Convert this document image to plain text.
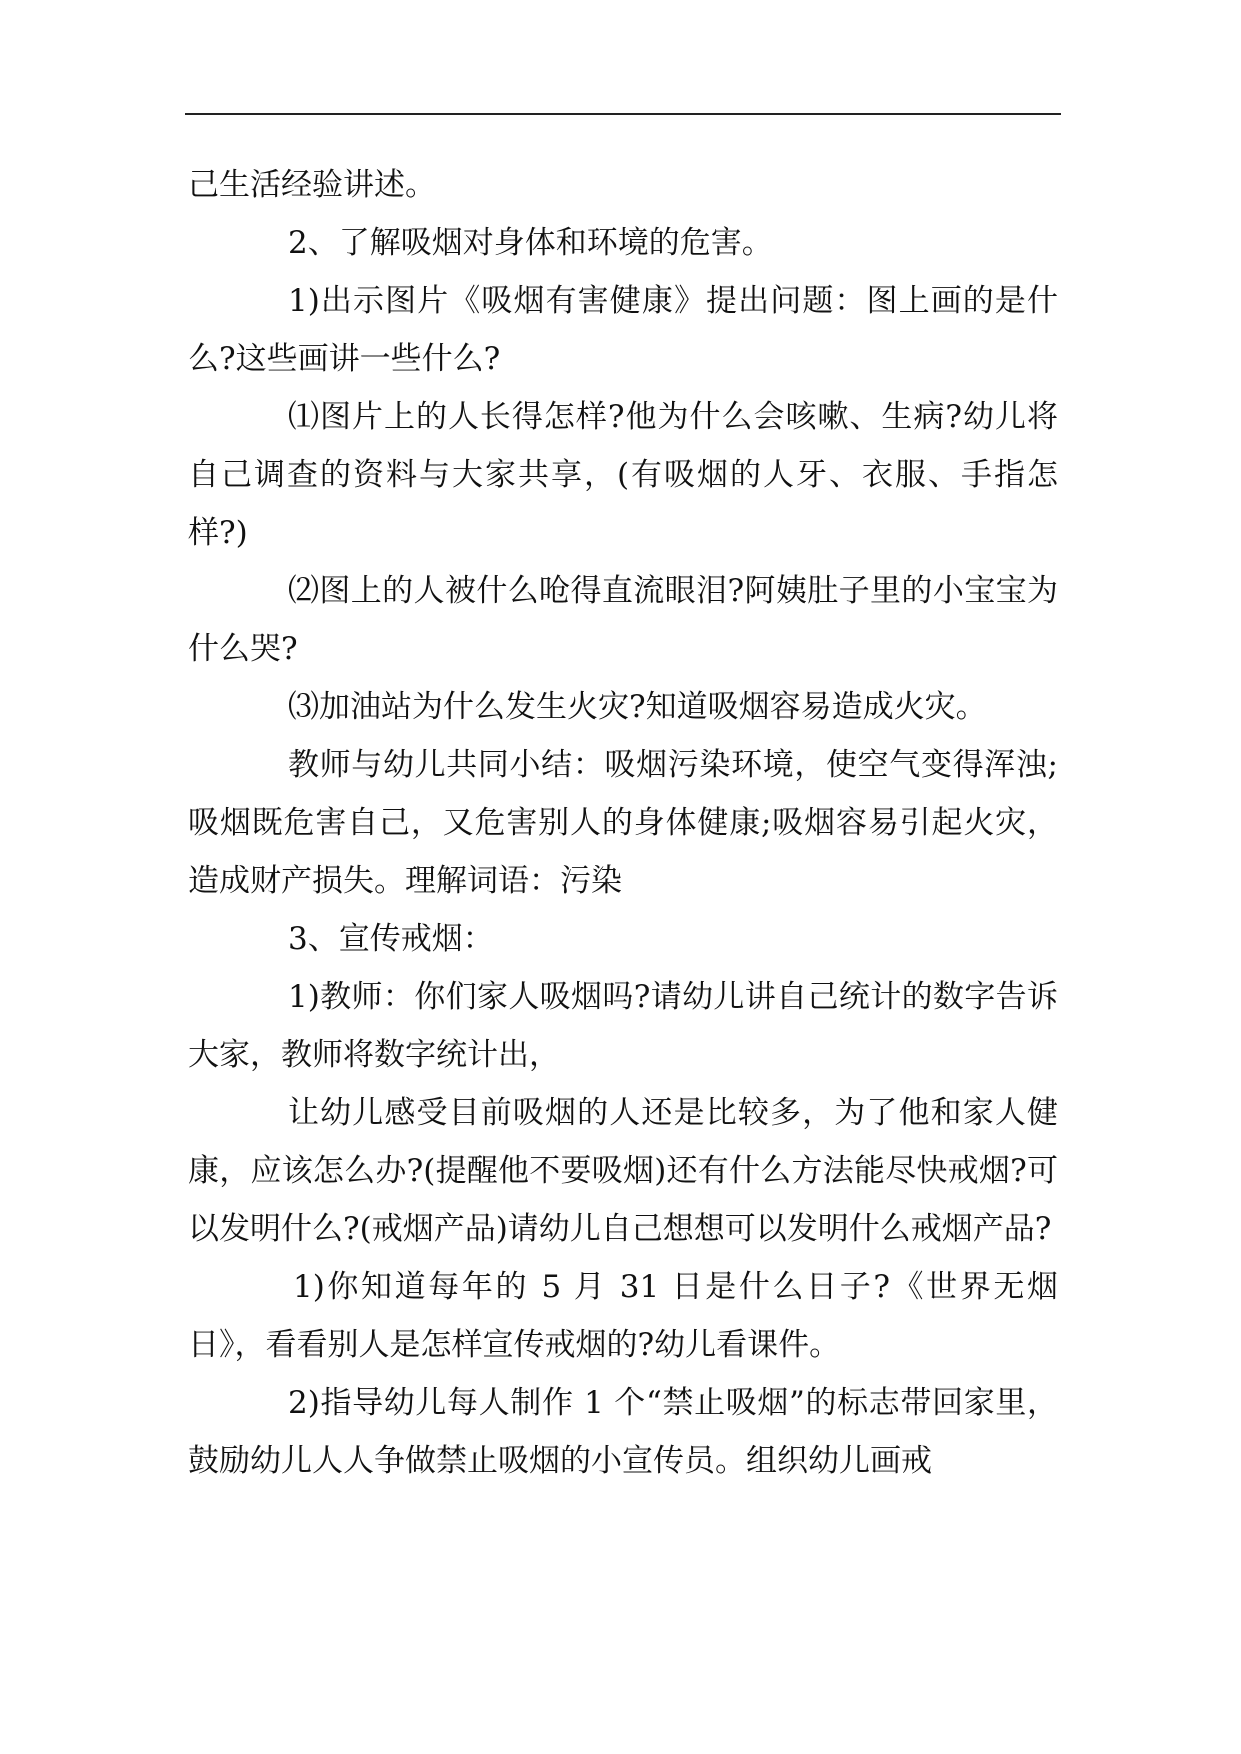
己生活经验讲述。

2、了解吸烟对身体和环境的危害。

1)出示图片《吸烟有害健康》提出问题：图上画的是什么?这些画讲一些什么?

⑴图片上的人长得怎样?他为什么会咳嗽、生病?幼儿将自己调查的资料与大家共享，(有吸烟的人牙、衣服、手指怎样?)

⑵图上的人被什么呛得直流眼泪?阿姨肚子里的小宝宝为什么哭?

⑶加油站为什么发生火灾?知道吸烟容易造成火灾。

教师与幼儿共同小结：吸烟污染环境，使空气变得浑浊;吸烟既危害自己，又危害别人的身体健康;吸烟容易引起火灾，造成财产损失。理解词语：污染

3、宣传戒烟：

1)教师：你们家人吸烟吗?请幼儿讲自己统计的数字告诉大家，教师将数字统计出，

让幼儿感受目前吸烟的人还是比较多，为了他和家人健康，应该怎么办?(提醒他不要吸烟)还有什么方法能尽快戒烟?可以发明什么?(戒烟产品)请幼儿自己想想可以发明什么戒烟产品?

1)你知道每年的 5 月 31 日是什么日子?《世界无烟日》，看看别人是怎样宣传戒烟的?幼儿看课件。

2)指导幼儿每人制作 1 个“禁止吸烟”的标志带回家里，鼓励幼儿人人争做禁止吸烟的小宣传员。组织幼儿画戒
